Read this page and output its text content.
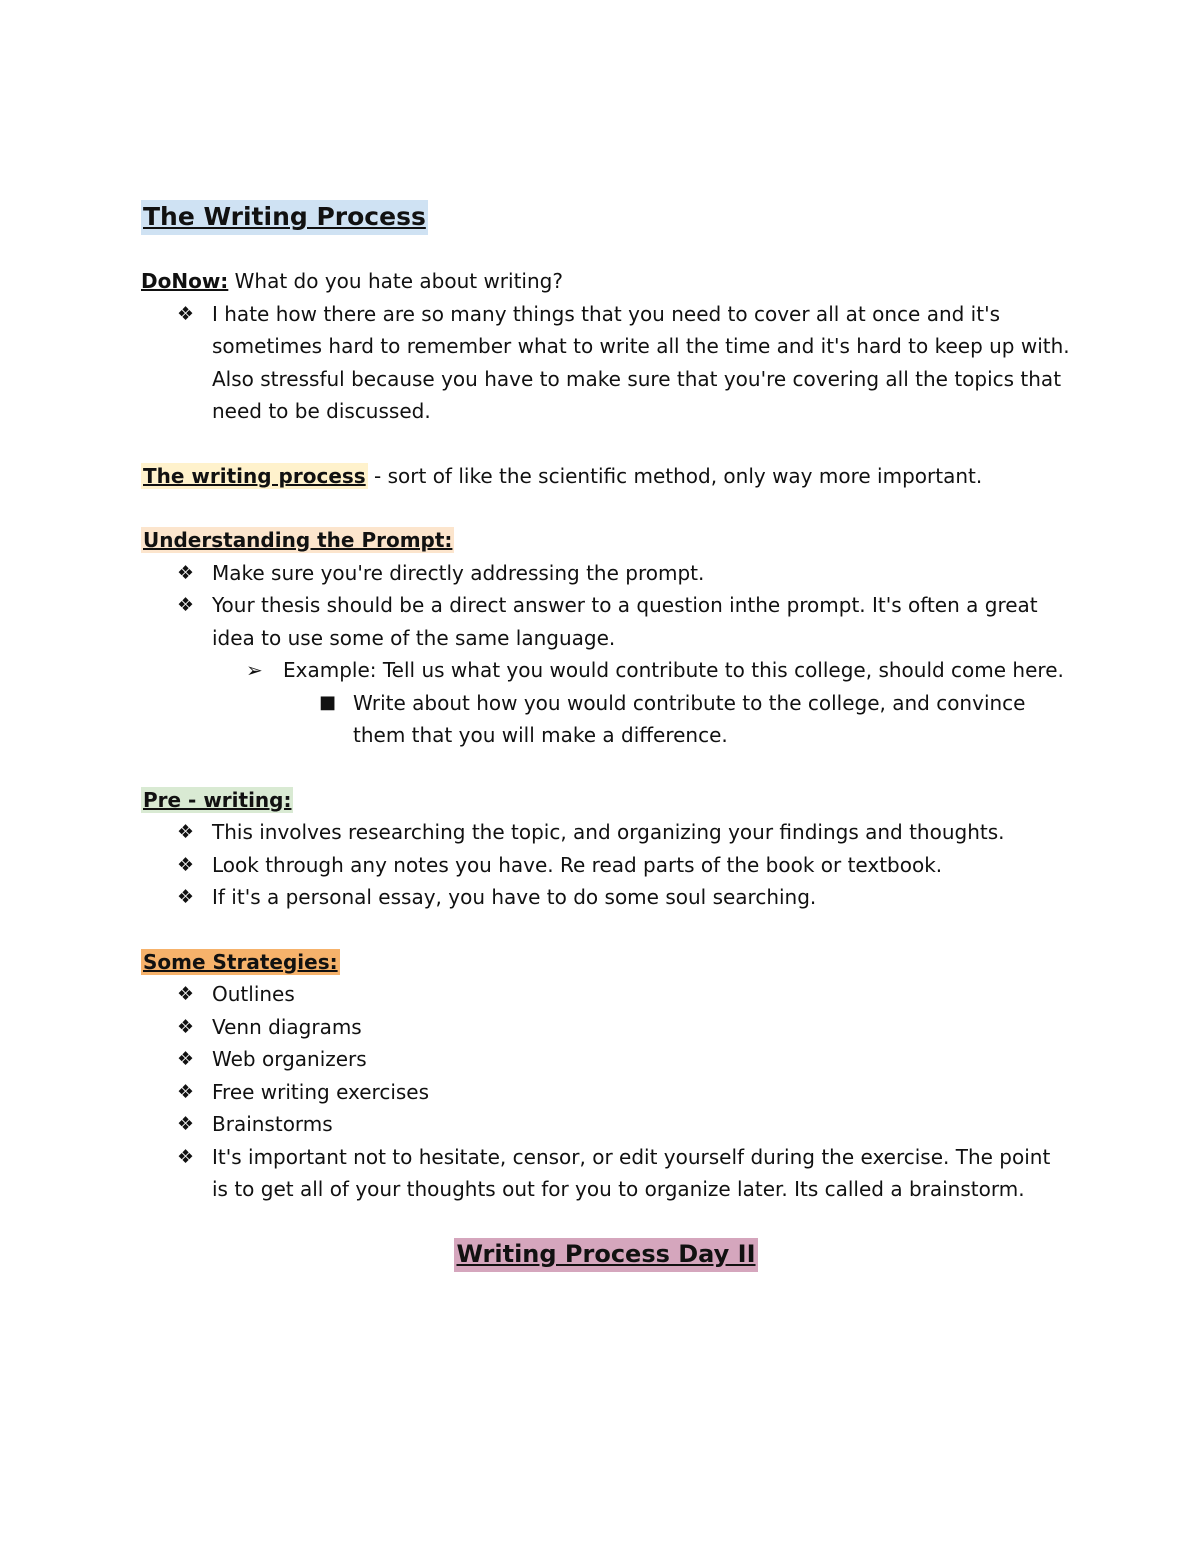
The Writing Process
DoNow: What do you hate about writing?
❖ I hate how there are so many things that you need to cover all at once and it's sometimes hard to remember what to write all the time and it's hard to keep up with. Also stressful because you have to make sure that you're covering all the topics that need to be discussed.
The writing process - sort of like the scientific method, only way more important.
Understanding the Prompt:
❖ Make sure you're directly addressing the prompt.
❖ Your thesis should be a direct answer to a question inthe prompt. It's often a great idea to use some of the same language.
➢ Example: Tell us what you would contribute to this college, should come here.
■ Write about how you would contribute to the college, and convince them that you will make a difference.
Pre - writing:
❖ This involves researching the topic, and organizing your findings and thoughts.
❖ Look through any notes you have. Re read parts of the book or textbook.
❖ If it's a personal essay, you have to do some soul searching.
Some Strategies:
❖ Outlines
❖ Venn diagrams
❖ Web organizers
❖ Free writing exercises
❖ Brainstorms
❖ It's important not to hesitate, censor, or edit yourself during the exercise. The point is to get all of your thoughts out for you to organize later. Its called a brainstorm.
Writing Process Day II
